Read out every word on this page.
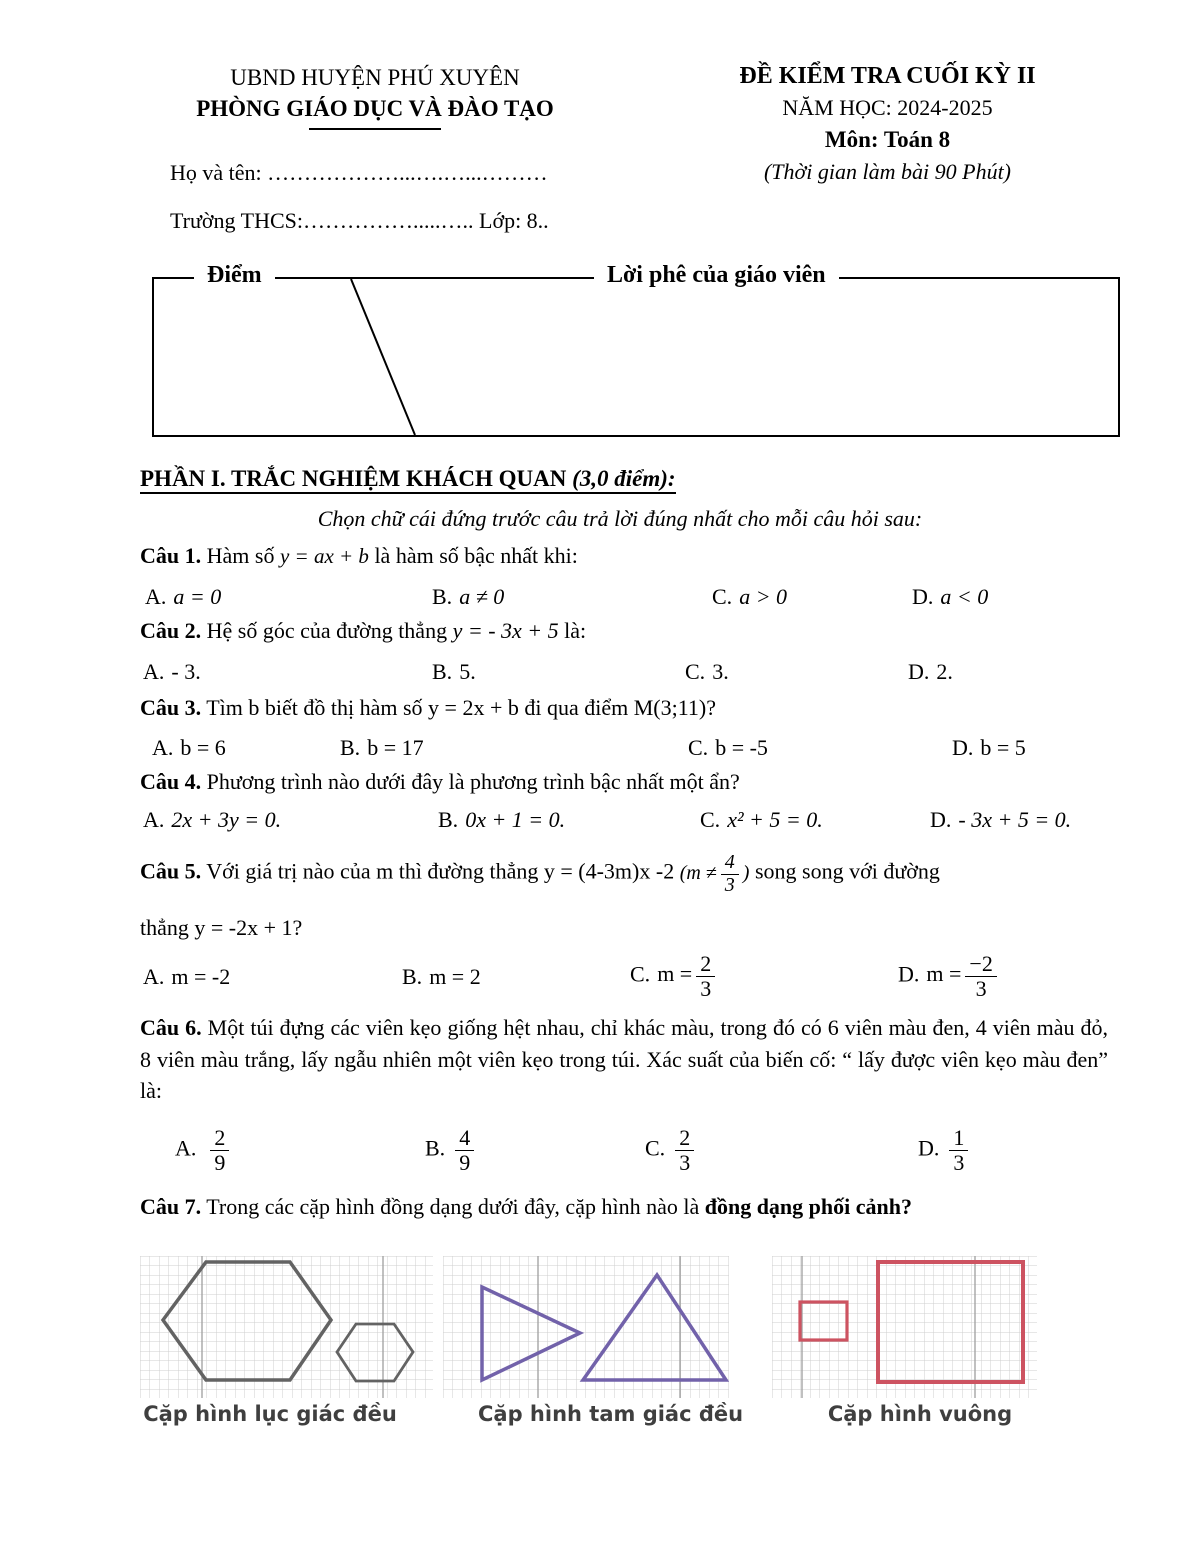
UBND HUYỆN PHÚ XUYÊN
PHÒNG GIÁO DỤC VÀ ĐÀO TẠO
Họ và tên: ………………...….…...………
Trường THCS:…………….....….. Lớp: 8..
ĐỀ KIỂM TRA CUỐI KỲ II
NĂM HỌC: 2024-2025
Môn: Toán 8
(Thời gian làm bài 90 Phút)
Điểm	Lời phê của giáo viên
PHẦN I. TRẮC NGHIỆM KHÁCH QUAN (3,0 điểm):
Chọn chữ cái đứng trước câu trả lời đúng nhất cho mỗi câu hỏi sau:
Câu 1. Hàm số y = ax + b là hàm số bậc nhất khi:
A. a = 0	B. a ≠ 0	C. a > 0	D. a < 0
Câu 2. Hệ số góc của đường thẳng y = - 3x + 5 là:
A. - 3.	B. 5.	C. 3.	D. 2.
Câu 3. Tìm b biết đồ thị hàm số y = 2x + b đi qua điểm M(3;11)?
A. b = 6	B. b = 17	C. b = -5	D. b = 5
Câu 4. Phương trình nào dưới đây là phương trình bậc nhất một ẩn?
A. 2x + 3y = 0.	B. 0x + 1 = 0.	C. x² + 5 = 0.	D. - 3x + 5 = 0.
Câu 5. Với giá trị nào của m thì đường thẳng y = (4-3m)x -2 ($m \ne \frac{4}{3}$ ) song song với đường
thẳng y = -2x + 1?
A. m = -2	B. m = 2	C. $m = \frac{2}{3}$	D. $m = \frac{-2}{3}$
Câu 6. Một túi đựng các viên kẹo giống hệt nhau, chỉ khác màu, trong đó có 6 viên màu đen, 4 viên màu đỏ, 8 viên màu trắng, lấy ngẫu nhiên một viên kẹo trong túi. Xác suất của biến cố: “ lấy được viên kẹo màu đen” là:
A. $\frac{2}{9}$	B. $\frac{4}{9}$	C. $\frac{2}{3}$	D. $\frac{1}{3}$
Câu 7. Trong các cặp hình đồng dạng dưới đây, cặp hình nào là đồng dạng phối cảnh?
Cặp hình lục giác đều	Cặp hình tam giác đều	Cặp hình vuông
